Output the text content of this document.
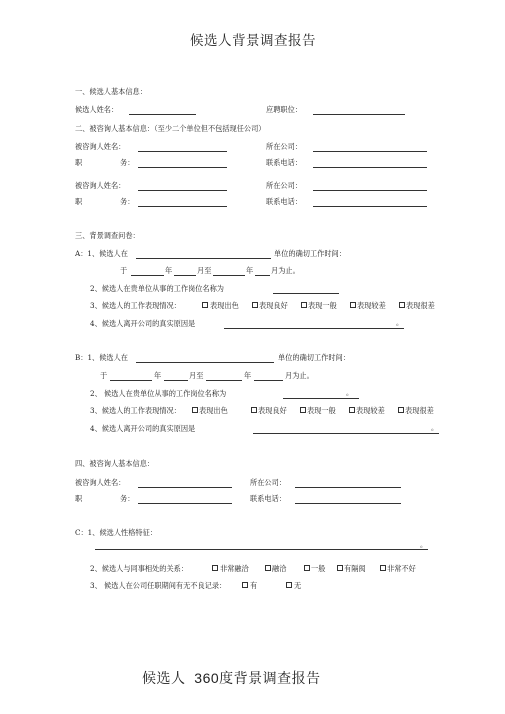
候选人背景调查报告
一、候选人基本信息：
候选人姓名：	应聘职位：
二、被咨询人基本信息：（至少二个单位但不包括现任公司）
被咨询人姓名：	所在公司：
职	务：	联系电话：
被咨询人姓名：	所在公司：
职	务：	联系电话：
三、背景调查问卷：
A：1、候选人在	单位的确切工作时间：
于	年	月至	年 月为止。
2、候选人在贵单位从事的工作岗位名称为
3、候选人的工作表现情况：	表现出色	表现良好	表现一般	表现较差	表现很差
4、候选人离开公司的真实原因是	。
B：1、候选人在	单位的确切工作时间：
于	年	月至	年	月为止。
2、 候选人在贵单位从事的工作岗位名称为	。
3、候选人的工作表现情况：	表现出色	表现良好	表现一般	表现较差	表现很差
4、候选人离开公司的真实原因是	。
四、被咨询人基本信息：
被咨询人姓名：	所在公司：
职	务：	联系电话：
C：1、候选人性格特征：
。
2、候选人与同事相处的关系：	非常融洽	融洽	一般	有隔阂	非常不好
3、 候选人在公司任职期间有无不良记录：	有	无
候选人  360度背景调查报告
